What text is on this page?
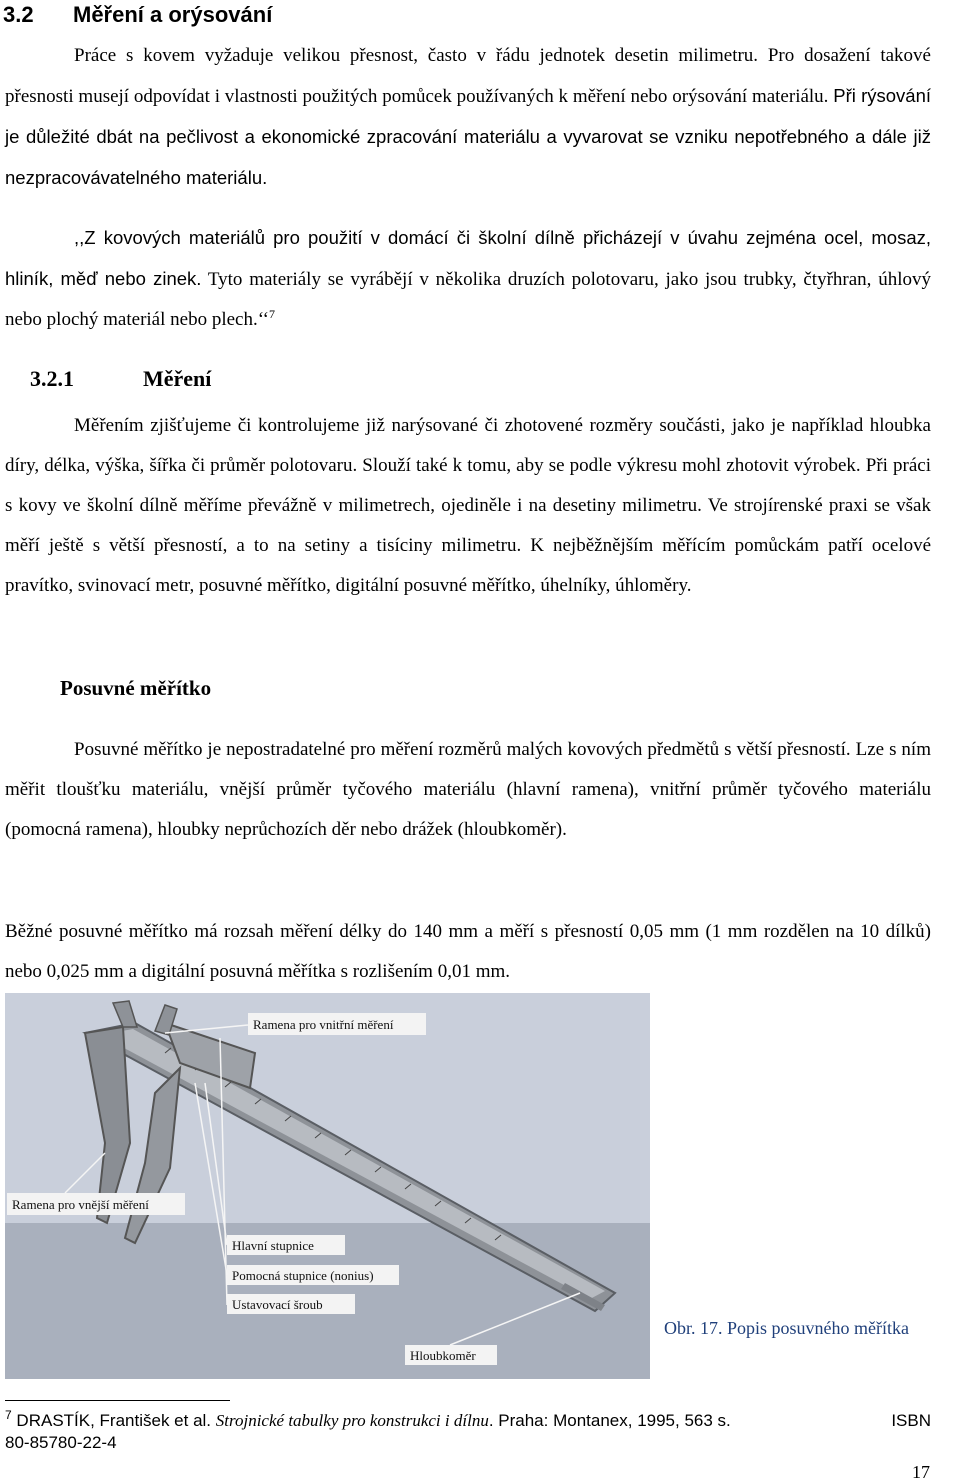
3.2 Měření a orýsování

Práce s kovem vyžaduje velikou přesnost, často v řádu jednotek desetin milimetru. Pro dosažení takové přesnosti musejí odpovídat i vlastnosti použitých pomůcek používaných k měření nebo orýsování materiálu. Při rýsování je důležité dbát na pečlivost a ekonomické zpracování materiálu a vyvarovat se vzniku nepotřebného a dále již nezpracovávatelného materiálu.

,,Z kovových materiálů pro použití v domácí či školní dílně přicházejí v úvahu zejména ocel, mosaz, hliník, měď nebo zinek. Tyto materiály se vyrábějí v několika druzích polotovaru, jako jsou trubky, čtyřhran, úhlový nebo plochý materiál nebo plech.‘‘$^7$

3.2.1	Měření

Měřením zjišťujeme či kontrolujeme již narýsované či zhotovené rozměry součásti, jako je například hloubka díry, délka, výška, šířka či průměr polotovaru. Slouží také k tomu, aby se podle výkresu mohl zhotovit výrobek. Při práci s kovy ve školní dílně měříme převážně v milimetrech, ojediněle i na desetiny milimetru. Ve strojírenské praxi se však měří ještě s větší přesností, a to na setiny a tisíciny milimetru. K nejběžnějším měřícím pomůckám patří ocelové pravítko, svinovací metr, posuvné měřítko, digitální posuvné měřítko, úhelníky, úhloměry.

Posuvné měřítko

Posuvné měřítko je nepostradatelné pro měření rozměrů malých kovových předmětů s větší přesností. Lze s ním měřit tloušťku materiálu, vnější průměr tyčového materiálu (hlavní ramena), vnitřní průměr tyčového materiálu (pomocná ramena), hloubky neprůchozích děr nebo drážek (hloubkoměr).

Běžné posuvné měřítko má rozsah měření délky do 140 mm a měří s přesností 0,05 mm (1 mm rozdělen na 10 dílků) nebo 0,025 mm a digitální posuvná měřítka s rozlišením 0,01 mm.

Ramena pro vnitřní měření
Ramena pro vnější měření
Hlavní stupnice
Pomocná stupnice (nonius)
Ustavovací šroub
Hloubkoměr
Obr. 17. Popis posuvného měřítka

$^7$ DRASTÍK, František et al. Strojnické tabulky pro konstrukci i dílnu. Praha: Montanex, 1995, 563 s.	ISBN

80-85780-22-4

17
